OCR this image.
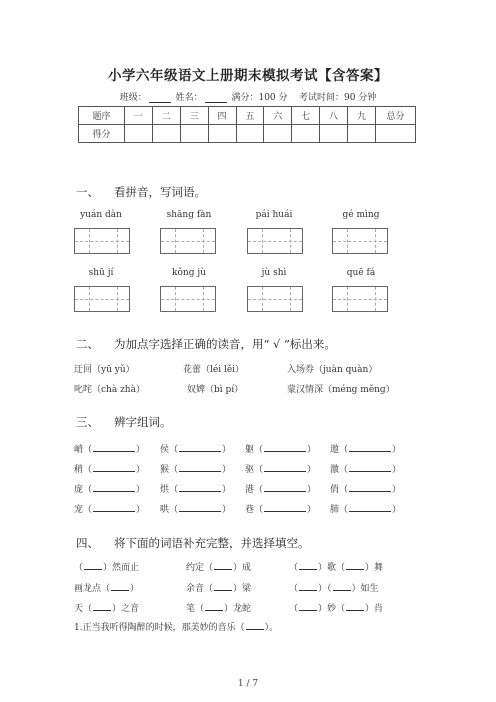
小学六年级语文上册期末模拟考试【含答案】
班级：	姓名：	满分：100 分 考试时间：90 分钟
题序	一	二	三	四	五	六	七	八	九	总分
得分										
一、 看拼音，写词语。
yuán dàn	shāng fàn	pái huái	gé mìng
shū jí	kǒng jù	jù shì	quē fá
二、 为加点字选择正确的读音，用“ √ ”标出来。
迂回（yū yǔ）	花蕾（léi lěi）	入场券（juàn quàn）
叱咤（chà zhà）	奴婢（bì pí）	蒙汉情深（méng měng）
三、 辨字组词。
峭（	） 侯（	） 躯（	） 遨（	）
稍（	） 猴（	） 驱（	） 激（	）
庞（	） 烘（	） 港（	） 俏（	）
宠（	） 哄（	） 巷（	） 肺（	）
四、 将下面的词语补充完整，并选择填空。
（ ）然而止	约定（ ）成	（ ）歌（ ）舞
画龙点（ ）	余音（ ）梁	（ ）（ ）如生
天（ ）之音	笔（ ）龙蛇	（ ）妙（ ）肖
1.正当我听得陶醉的时候，那美妙的音乐（ ）。
1 / 7
